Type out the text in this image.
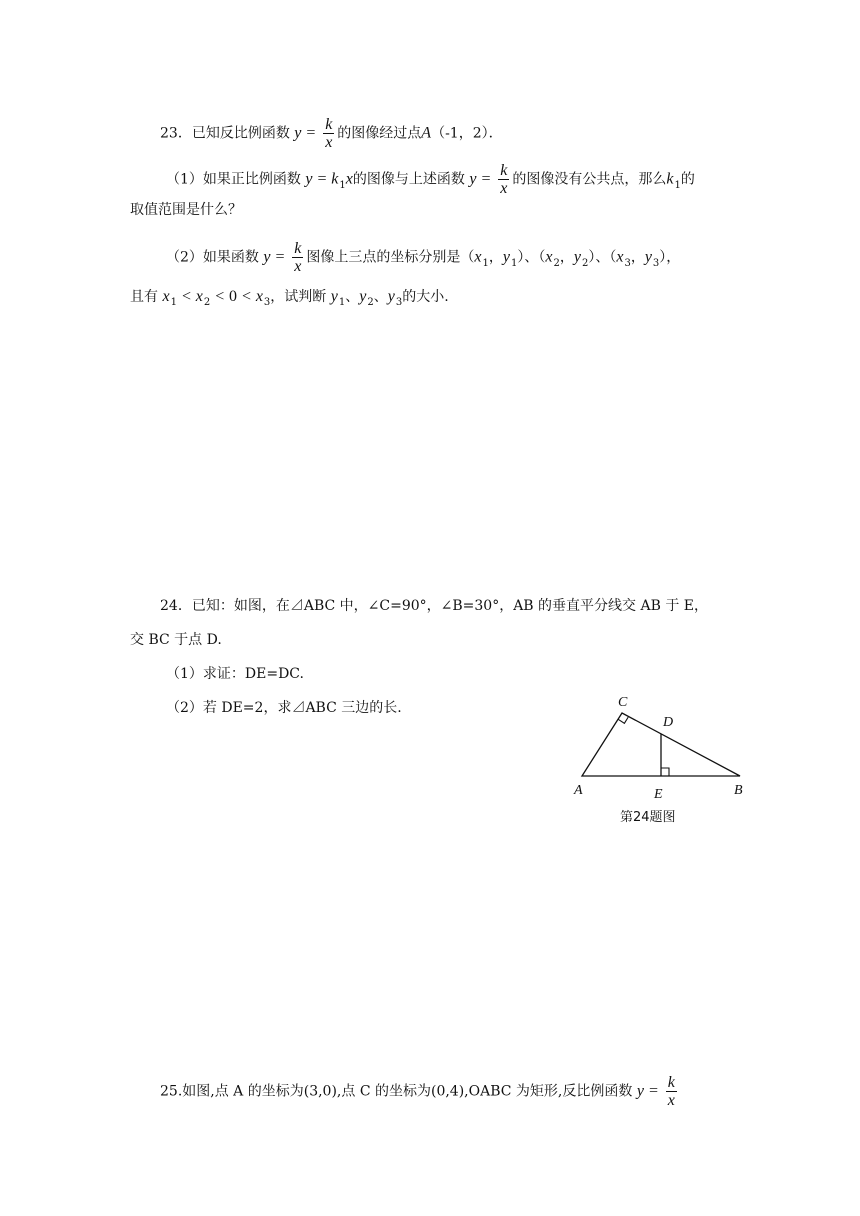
23．已知反比例函数 $y = \frac{k}{x}$ 的图像经过点A（-1，2）．
（1）如果正比例函数 $y = k_1x$的图像与上述函数 $y = \frac{k}{x}$ 的图像没有公共点，那么$k_1$的
取值范围是什么？
（2）如果函数 $y = \frac{k}{x}$ 图像上三点的坐标分别是（$x_1$，$y_1$）、（$x_2$，$y_2$）、（$x_3$，$y_3$），
且有 $x_1 < x_2 < 0 < x_3$，试判断 $y_1$、$y_2$、$y_3$的大小.
24．已知：如图，在⊿ABC 中，∠C=90°，∠B=30°，AB 的垂直平分线交 AB 于 E，
交 BC 于点 D.
（1）求证：DE=DC.
（2）若 DE=2，求⊿ABC 三边的长.
A
C
D
E	B
第24题图
25.如图,点 A 的坐标为(3,0),点 C 的坐标为(0,4),OABC 为矩形,反比例函数 $y = \frac{k}{x}$
